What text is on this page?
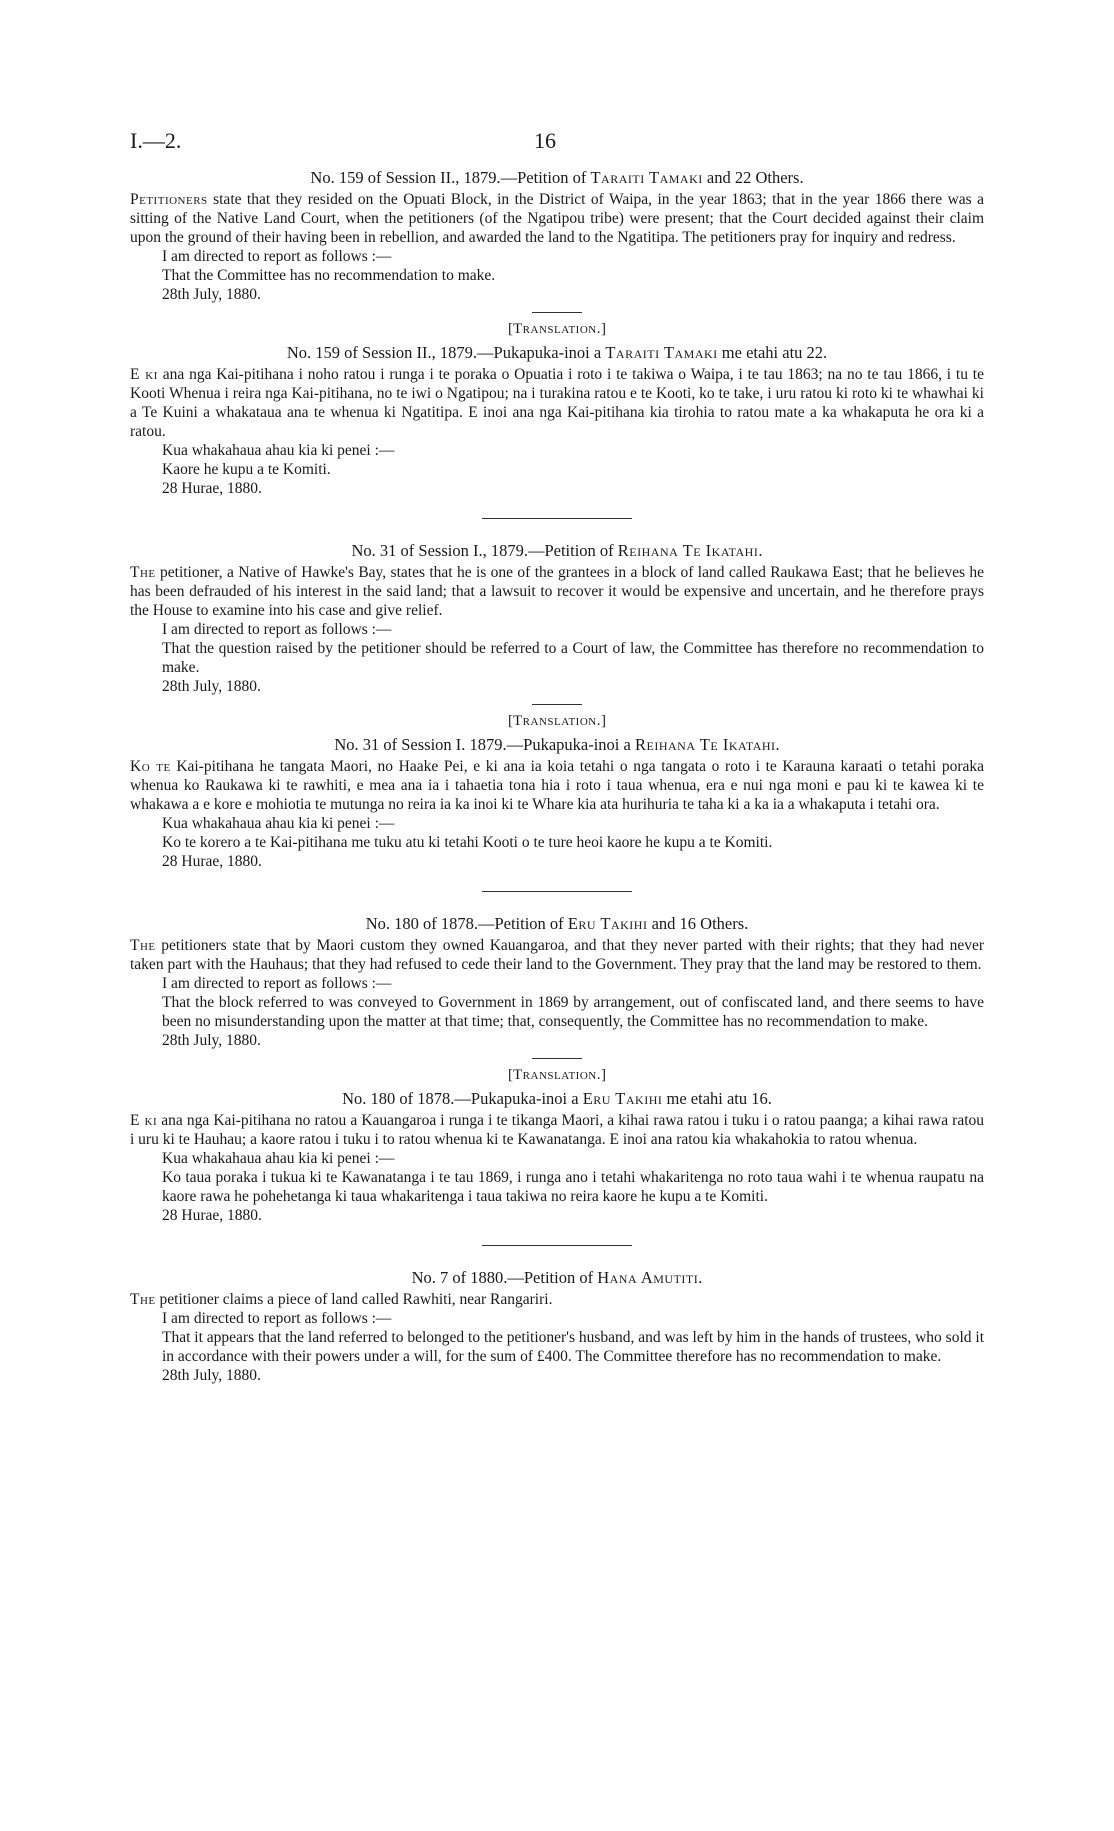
I.—2.	16

No. 159 of Session II., 1879.—Petition of Taraiti Tamaki and 22 Others.

Petitioners state that they resided on the Opuati Block, in the District of Waipa, in the year 1863; that in the year 1866 there was a sitting of the Native Land Court, when the petitioners (of the Ngatipou tribe) were present; that the Court decided against their claim upon the ground of their having been in rebellion, and awarded the land to the Ngatitipa. The petitioners pray for inquiry and redress.

I am directed to report as follows :—

That the Committee has no recommendation to make.

28th July, 1880.

[Translation.]

No. 159 of Session II., 1879.—Pukapuka-inoi a Taraiti Tamaki me etahi atu 22.

E ki ana nga Kai-pitihana i noho ratou i runga i te poraka o Opuatia i roto i te takiwa o Waipa, i te tau 1863; na no te tau 1866, i tu te Kooti Whenua i reira nga Kai-pitihana, no te iwi o Ngatipou; na i turakina ratou e te Kooti, ko te take, i uru ratou ki roto ki te whawhai ki a Te Kuini a whakataua ana te whenua ki Ngatitipa. E inoi ana nga Kai-pitihana kia tirohia to ratou mate a ka whakaputa he ora ki a ratou.

Kua whakahaua ahau kia ki penei :—

Kaore he kupu a te Komiti.

28 Hurae, 1880.

No. 31 of Session I., 1879.—Petition of Reihana Te Ikatahi.

The petitioner, a Native of Hawke's Bay, states that he is one of the grantees in a block of land called Raukawa East; that he believes he has been defrauded of his interest in the said land; that a lawsuit to recover it would be expensive and uncertain, and he therefore prays the House to examine into his case and give relief.

I am directed to report as follows :—

That the question raised by the petitioner should be referred to a Court of law, the Committee has therefore no recommendation to make.

28th July, 1880.

[Translation.]

No. 31 of Session I. 1879.—Pukapuka-inoi a Reihana Te Ikatahi.

Ko te Kai-pitihana he tangata Maori, no Haake Pei, e ki ana ia koia tetahi o nga tangata o roto i te Karauna karaati o tetahi poraka whenua ko Raukawa ki te rawhiti, e mea ana ia i tahaetia tona hia i roto i taua whenua, era e nui nga moni e pau ki te kawea ki te whakawa a e kore e mohiotia te mutunga no reira ia ka inoi ki te Whare kia ata hurihuria te taha ki a ka ia a whakaputa i tetahi ora.

Kua whakahaua ahau kia ki penei :—

Ko te korero a te Kai-pitihana me tuku atu ki tetahi Kooti o te ture heoi kaore he kupu a te Komiti.

28 Hurae, 1880.

No. 180 of 1878.—Petition of Eru Takihi and 16 Others.

The petitioners state that by Maori custom they owned Kauangaroa, and that they never parted with their rights; that they had never taken part with the Hauhaus; that they had refused to cede their land to the Government. They pray that the land may be restored to them.

I am directed to report as follows :—

That the block referred to was conveyed to Government in 1869 by arrangement, out of confiscated land, and there seems to have been no misunderstanding upon the matter at that time; that, consequently, the Committee has no recommendation to make.

28th July, 1880.

[Translation.]

No. 180 of 1878.—Pukapuka-inoi a Eru Takihi me etahi atu 16.

E ki ana nga Kai-pitihana no ratou a Kauangaroa i runga i te tikanga Maori, a kihai rawa ratou i tuku i o ratou paanga; a kihai rawa ratou i uru ki te Hauhau; a kaore ratou i tuku i to ratou whenua ki te Kawanatanga. E inoi ana ratou kia whakahokia to ratou whenua.

Kua whakahaua ahau kia ki penei :—

Ko taua poraka i tukua ki te Kawanatanga i te tau 1869, i runga ano i tetahi whakaritenga no roto taua wahi i te whenua raupatu na kaore rawa he pohehetanga ki taua whakaritenga i taua takiwa no reira kaore he kupu a te Komiti.

28 Hurae, 1880.

No. 7 of 1880.—Petition of Hana Amutiti.

The petitioner claims a piece of land called Rawhiti, near Rangariri.

I am directed to report as follows :—

That it appears that the land referred to belonged to the petitioner's husband, and was left by him in the hands of trustees, who sold it in accordance with their powers under a will, for the sum of £400. The Committee therefore has no recommendation to make.

28th July, 1880.
